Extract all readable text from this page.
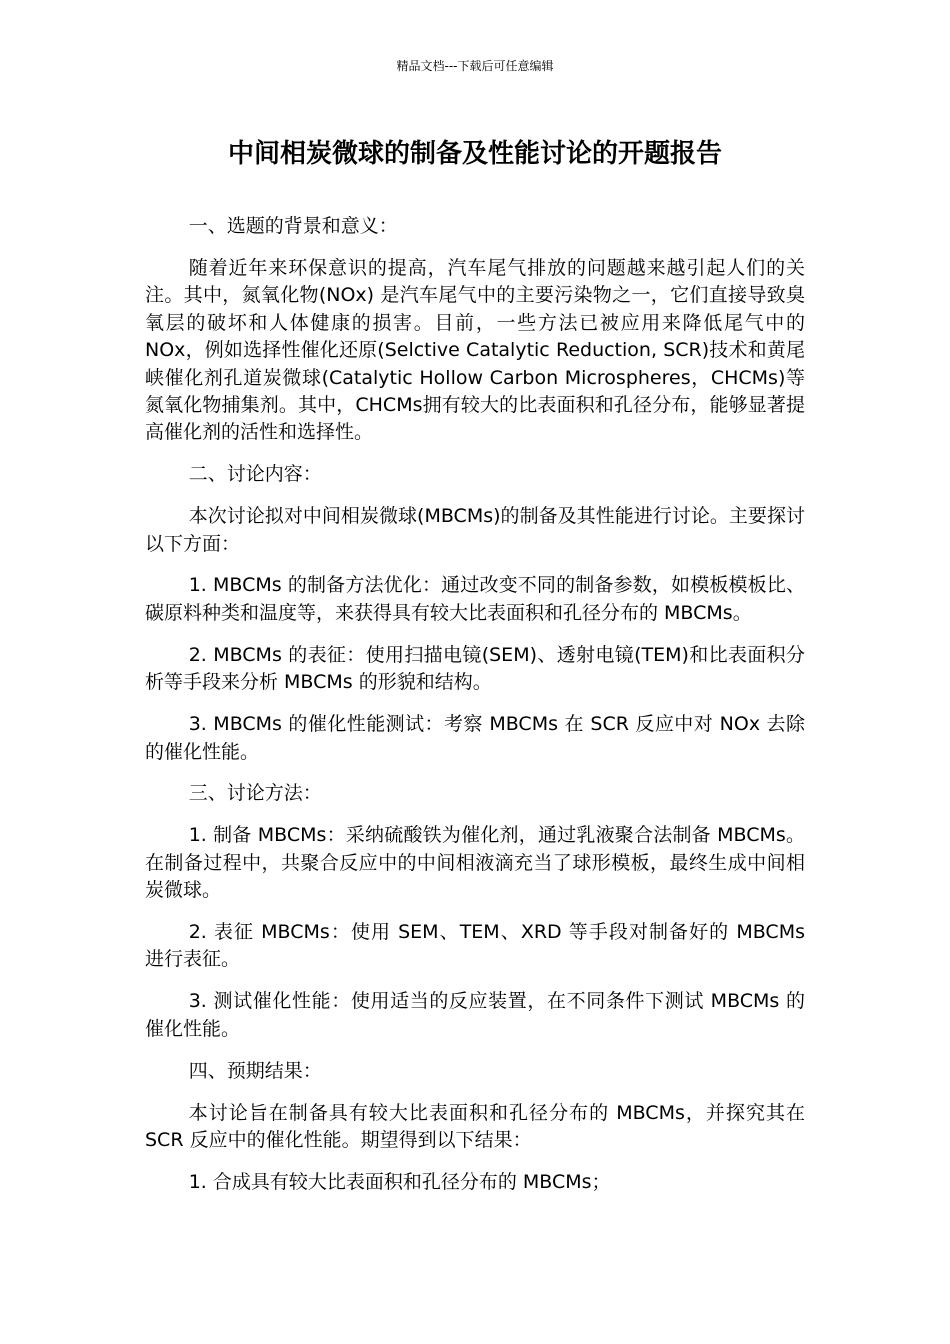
精品文档---下载后可任意编辑
中间相炭微球的制备及性能讨论的开题报告

一、选题的背景和意义：

随着近年来环保意识的提高，汽车尾气排放的问题越来越引起人们的关注。其中，氮氧化物(NOx) 是汽车尾气中的主要污染物之一，它们直接导致臭氧层的破坏和人体健康的损害。目前，一些方法已被应用来降低尾气中的 NOx，例如选择性催化还原(Selctive Catalytic Reduction, SCR)技术和黄尾峡催化剂孔道炭微球(Catalytic Hollow Carbon Microspheres，CHCMs)等氮氧化物捕集剂。其中，CHCMs拥有较大的比表面积和孔径分布，能够显著提高催化剂的活性和选择性。

二、讨论内容：

本次讨论拟对中间相炭微球(MBCMs)的制备及其性能进行讨论。主要探讨以下方面：

1. MBCMs 的制备方法优化：通过改变不同的制备参数，如模板模板比、碳原料种类和温度等，来获得具有较大比表面积和孔径分布的 MBCMs。

2. MBCMs 的表征：使用扫描电镜(SEM)、透射电镜(TEM)和比表面积分析等手段来分析 MBCMs 的形貌和结构。

3. MBCMs 的催化性能测试：考察 MBCMs 在 SCR 反应中对 NOx 去除的催化性能。

三、讨论方法：

1. 制备 MBCMs：采纳硫酸铁为催化剂，通过乳液聚合法制备 MBCMs。在制备过程中，共聚合反应中的中间相液滴充当了球形模板，最终生成中间相炭微球。

2. 表征 MBCMs：使用 SEM、TEM、XRD 等手段对制备好的 MBCMs 进行表征。

3. 测试催化性能：使用适当的反应装置，在不同条件下测试 MBCMs 的催化性能。

四、预期结果：

本讨论旨在制备具有较大比表面积和孔径分布的 MBCMs，并探究其在 SCR 反应中的催化性能。期望得到以下结果：

1. 合成具有较大比表面积和孔径分布的 MBCMs；
